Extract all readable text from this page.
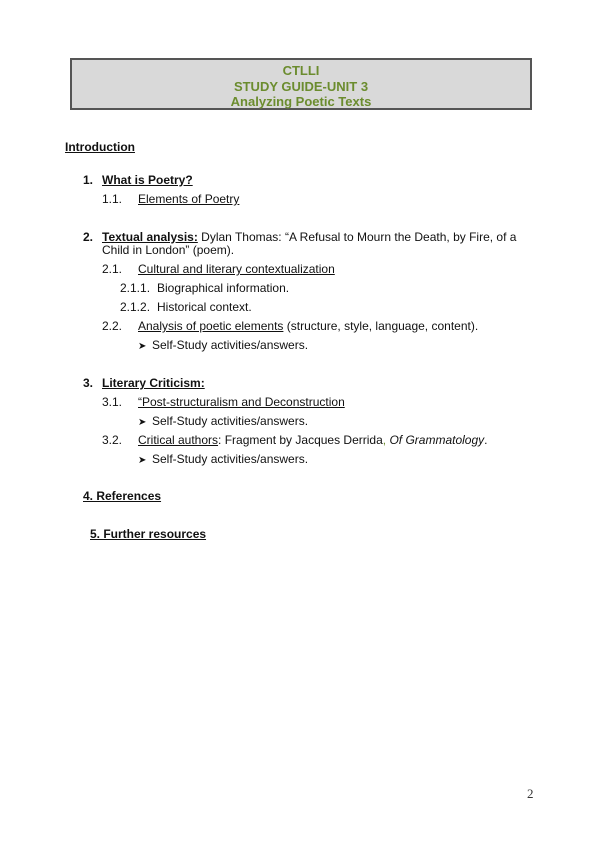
CTLLI
STUDY GUIDE-UNIT 3
Analyzing Poetic Texts
Introduction
1. What is Poetry?
1.1. Elements of Poetry
2. Textual analysis: Dylan Thomas: “A Refusal to Mourn the Death, by Fire, of a
Child in London” (poem).
2.1. Cultural and literary contextualization
2.1.1. Biographical information.
2.1.2. Historical context.
2.2. Analysis of poetic elements (structure, style, language, content).
➤ Self-Study activities/answers.
3. Literary Criticism:
3.1. “Post-structuralism and Deconstruction
➤ Self-Study activities/answers.
3.2. Critical authors: Fragment by Jacques Derrida, Of Grammatology.
➤ Self-Study activities/answers.
4. References
5. Further resources
2
